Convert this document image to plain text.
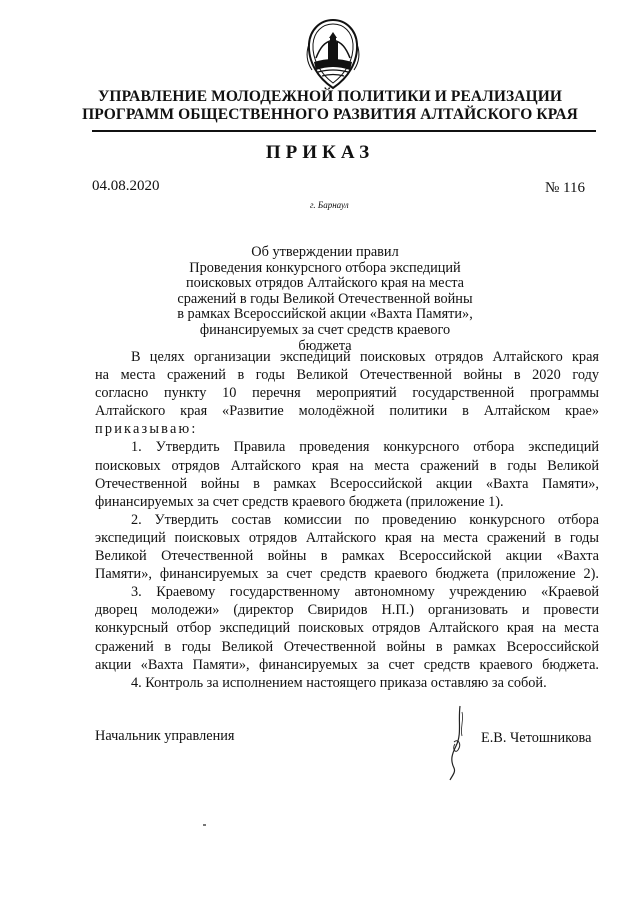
УПРАВЛЕНИЕ МОЛОДЕЖНОЙ ПОЛИТИКИ И РЕАЛИЗАЦИИ
ПРОГРАММ ОБЩЕСТВЕННОГО РАЗВИТИЯ АЛТАЙСКОГО КРАЯ
ПРИКАЗ
04.08.2020	№ 116
г. Барнаул
Об утверждении правил
Проведения конкурсного отбора экспедиций
поисковых отрядов Алтайского края на места
сражений в годы Великой Отечественной войны
в рамках Всероссийской акции «Вахта Памяти»,
финансируемых за счет средств краевого
бюджета
В целях организации экспедиций поисковых отрядов Алтайского края
на места сражений в годы Великой Отечественной войны в 2020 году
согласно пункту 10 перечня мероприятий государственной программы
Алтайского края «Развитие молодёжной политики в Алтайском крае»
приказываю:
1. Утвердить Правила проведения конкурсного отбора экспедиций
поисковых отрядов Алтайского края на места сражений в годы Великой
Отечественной войны в рамках Всероссийской акции «Вахта Памяти»,
финансируемых за счет средств краевого бюджета (приложение 1).
2. Утвердить состав комиссии по проведению конкурсного отбора
экспедиций поисковых отрядов Алтайского края на места сражений в годы
Великой Отечественной войны в рамках Всероссийской акции «Вахта
Памяти», финансируемых за счет средств краевого бюджета (приложение 2).
3. Краевому государственному автономному учреждению «Краевой
дворец молодежи» (директор Свиридов Н.П.) организовать и провести
конкурсный отбор экспедиций поисковых отрядов Алтайского края на места
сражений в годы Великой Отечественной войны в рамках Всероссийской
акции «Вахта Памяти», финансируемых за счет средств краевого бюджета.
4. Контроль за исполнением настоящего приказа оставляю за собой.
Начальник управления	Е.В. Четошникова
